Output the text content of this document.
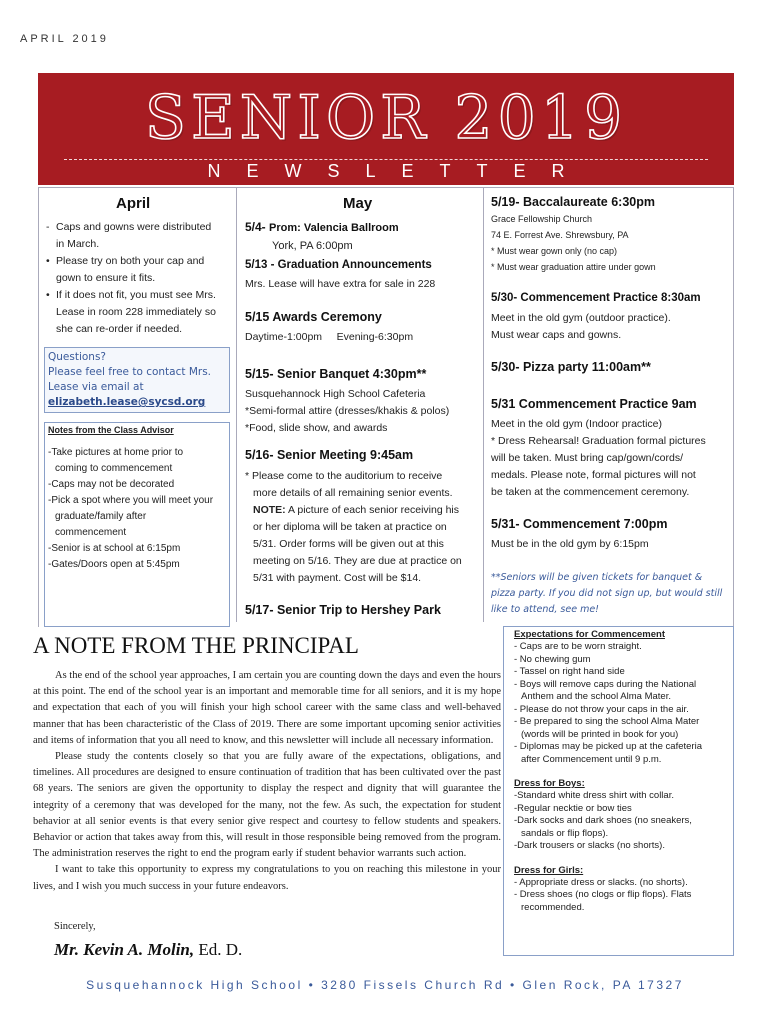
APRIL 2019
SENIOR 2019
NEWSLETTER
April
- Caps and gowns were distributed
in March.
• Please try on both your cap and
gown to ensure it fits.
• If it does not fit, you must see Mrs.
Lease in room 228 immediately so
she can re-order if needed.
Questions?
Please feel free to contact Mrs.
Lease via email at
elizabeth.lease@sycsd.org
Notes from the Class Advisor
-Take pictures at home prior to
coming to commencement
-Caps may not be decorated
-Pick a spot where you will meet your
graduate/family after
commencement
-Senior is at school at 6:15pm
-Gates/Doors open at 5:45pm
May
5/4- Prom: Valencia Ballroom
York, PA 6:00pm
5/13 - Graduation Announcements
Mrs. Lease will have extra for sale in 228
5/15 Awards Ceremony
Daytime-1:00pm     Evening-6:30pm
5/15- Senior Banquet 4:30pm**
Susquehannock High School Cafeteria
*Semi-formal attire (dresses/khakis & polos)
*Food, slide show, and awards
5/16- Senior Meeting 9:45am
* Please come to the auditorium to receive
more details of all remaining senior events.
NOTE: A picture of each senior receiving his
or her diploma will be taken at practice on
5/31. Order forms will be given out at this
meeting on 5/16. They are due at practice on
5/31 with payment. Cost will be $14.
5/17- Senior Trip to Hershey Park
5/19- Baccalaureate 6:30pm
Grace Fellowship Church
74 E. Forrest Ave. Shrewsbury, PA
* Must wear gown only (no cap)
* Must wear graduation attire under gown
5/30- Commencement Practice 8:30am
Meet in the old gym (outdoor practice).
Must wear caps and gowns.
5/30- Pizza party 11:00am**
5/31 Commencement Practice 9am
Meet in the old gym (Indoor practice)
* Dress Rehearsal! Graduation formal pictures
will be taken. Must bring cap/gown/cords/
medals. Please note, formal pictures will not
be taken at the commencement ceremony.
5/31- Commencement 7:00pm
Must be in the old gym by 6:15pm
**Seniors will be given tickets for banquet & pizza party. If you did not sign up, but would still like to attend, see me!
A NOTE FROM THE PRINCIPAL

As the end of the school year approaches, I am certain you are counting down the days and even the hours at this point. The end of the school year is an important and memorable time for all seniors, and it is my hope and expectation that each of you will finish your high school career with the same class and well-behaved manner that has been characteristic of the Class of 2019. There are some important upcoming senior activities and items of information that you all need to know, and this newsletter will include all necessary information.

Please study the contents closely so that you are fully aware of the expectations, obligations, and timelines. All procedures are designed to ensure continuation of tradition that has been cultivated over the past 68 years. The seniors are given the opportunity to display the respect and dignity that will guarantee the integrity of a ceremony that was developed for the many, not the few. As such, the expectation for student behavior at all senior events is that every senior give respect and courtesy to fellow students and speakers. Behavior or action that takes away from this, will result in those responsible being removed from the program. The administration reserves the right to end the program early if student behavior warrants such action.

I want to take this opportunity to express my congratulations to you on reaching this milestone in your lives, and I wish you much success in your future endeavors.

Sincerely,
Mr. Kevin A. Molin, Ed. D.
Expectations for Commencement
- Caps are to be worn straight.
- No chewing gum
- Tassel on right hand side
- Boys will remove caps during the National
Anthem and the school Alma Mater.
- Please do not throw your caps in the air.
- Be prepared to sing the school Alma Mater
(words will be printed in book for you)
- Diplomas may be picked up at the cafeteria
after Commencement until 9 p.m.
Dress for Boys:
-Standard white dress shirt with collar.
-Regular necktie or bow ties
-Dark socks and dark shoes (no sneakers,
sandals or flip flops).
-Dark trousers or slacks (no shorts).
Dress for Girls:
- Appropriate dress or slacks. (no shorts).
- Dress shoes (no clogs or flip flops). Flats
recommended.
Susquehannock High School • 3280 Fissels Church Rd • Glen Rock, PA 17327
